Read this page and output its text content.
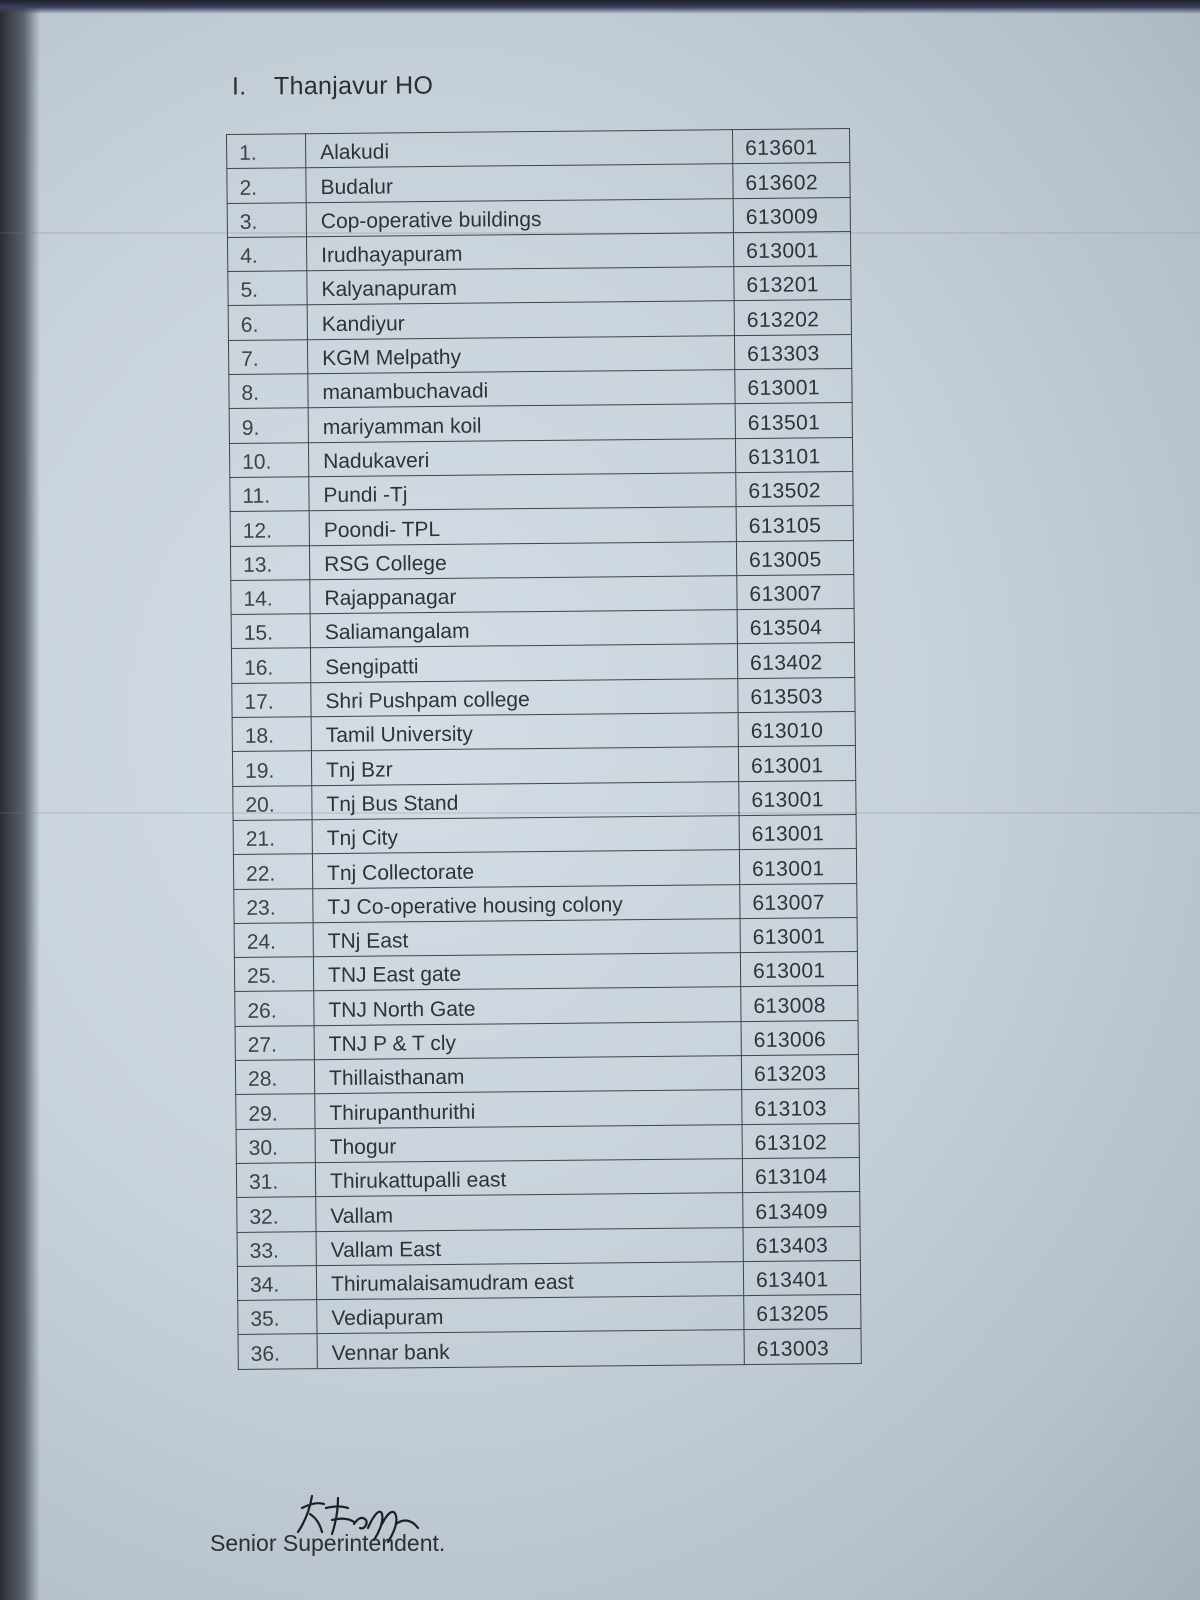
I. Thanjavur HO
1.	Alakudi	613601
2.	Budalur	613602
3.	Cop-operative buildings	613009
4.	Irudhayapuram	613001
5.	Kalyanapuram	613201
6.	Kandiyur	613202
7.	KGM Melpathy	613303
8.	manambuchavadi	613001
9.	mariyamman koil	613501
10.	Nadukaveri	613101
11.	Pundi -Tj	613502
12.	Poondi- TPL	613105
13.	RSG College	613005
14.	Rajappanagar	613007
15.	Saliamangalam	613504
16.	Sengipatti	613402
17.	Shri Pushpam college	613503
18.	Tamil University	613010
19.	Tnj Bzr	613001
20.	Tnj Bus Stand	613001
21.	Tnj City	613001
22.	Tnj Collectorate	613001
23.	TJ Co-operative housing colony	613007
24.	TNj East	613001
25.	TNJ East gate	613001
26.	TNJ North Gate	613008
27.	TNJ P & T cly	613006
28.	Thillaisthanam	613203
29.	Thirupanthurithi	613103
30.	Thogur	613102
31.	Thirukattupalli east	613104
32.	Vallam	613409
33.	Vallam East	613403
34.	Thirumalaisamudram east	613401
35.	Vediapuram	613205
36.	Vennar bank	613003
Senior Superintendent.
